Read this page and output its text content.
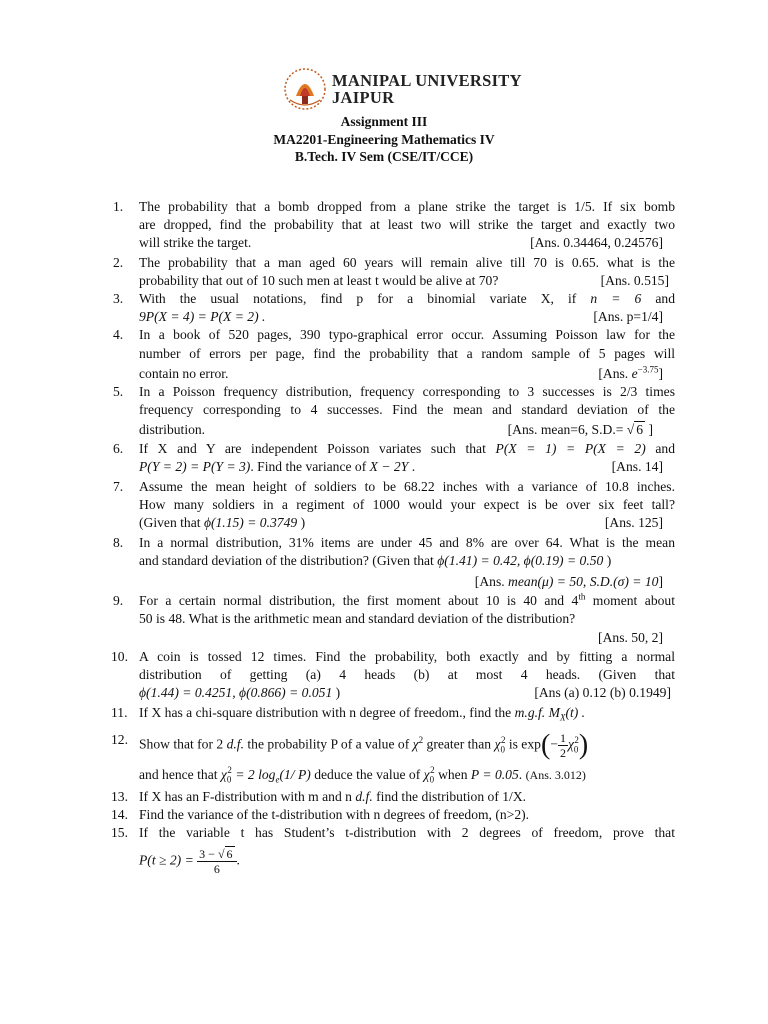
MANIPAL UNIVERSITY
JAIPUR
Assignment III
MA2201-Engineering Mathematics IV
B.Tech. IV Sem (CSE/IT/CCE)
1. The probability that a bomb dropped from a plane strike the target is 1/5. If six bomb
are dropped, find the probability that at least two will strike the target and exactly two
will strike the target.	[Ans. 0.34464, 0.24576]
2. The probability that a man aged 60 years will remain alive till 70 is 0.65. what is the
probability that out of 10 such men at least t would be alive at 70?	[Ans. 0.515]
3. With the usual notations, find p for a binomial variate X, if n = 6 and
9P(X = 4) = P(X = 2) .	[Ans. p=1/4]
4. In a book of 520 pages, 390 typo-graphical error occur. Assuming Poisson law for the
number of errors per page, find the probability that a random sample of 5 pages will
contain no error.	[Ans. $e^{-3.75}$]
5. In a Poisson frequency distribution, frequency corresponding to 3 successes is 2/3 times
frequency corresponding to 4 successes. Find the mean and standard deviation of the
distribution.	[Ans. mean=6, S.D.= √ 6 ]
6. If X and Y are independent Poisson variates such that P(X = 1) = P(X = 2) and
P(Y = 2) = P(Y = 3). Find the variance of X − 2Y .	[Ans. 14]
7. Assume the mean height of soldiers to be 68.22 inches with a variance of 10.8 inches.
How many soldiers in a regiment of 1000 would your expect is be over six feet tall?
(Given that ϕ(1.15) = 0.3749 )	[Ans. 125]
8. In a normal distribution, 31% items are under 45 and 8% are over 64. What is the mean
and standard deviation of the distribution? (Given that ϕ(1.41) = 0.42, ϕ(0.19) = 0.50 )
[Ans. mean(μ) = 50, S.D.(σ) = 10]
9. For a certain normal distribution, the first moment about 10 is 40 and 4th moment about
50 is 48. What is the arithmetic mean and standard deviation of the distribution?
[Ans. 50, 2]
10. A coin is tossed 12 times. Find the probability, both exactly and by fitting a normal
distribution of getting (a) 4 heads (b) at most 4 heads. (Given that
ϕ(1.44) = 0.4251, ϕ(0.866) = 0.051 )	[Ans (a) 0.12 (b) 0.1949]
11. If X has a chi-square distribution with n degree of freedom., find the m.g.f. $M_X(t)$ .
12. Show that for 2 d.f. the probability P of a value of $\chi^2$ greater than $\chi_0^2$ is $\exp(- \frac{1}{2} \chi_0^2)$
and hence that $\chi_0^2 = 2$ $\log_e(1/$ P) deduce the value of $\chi_0^2$ when P = 0.05. (Ans. 3.012)
13. If X has an F-distribution with m and n d.f. find the distribution of 1/X.
14. Find the variance of the t-distribution with n degrees of freedom, (n>2).
15. If the variable t has Student’s t-distribution with 2 degrees of freedom, prove that
$P(t \ge 2) = \frac{3 - √ 6}{6}$ .
